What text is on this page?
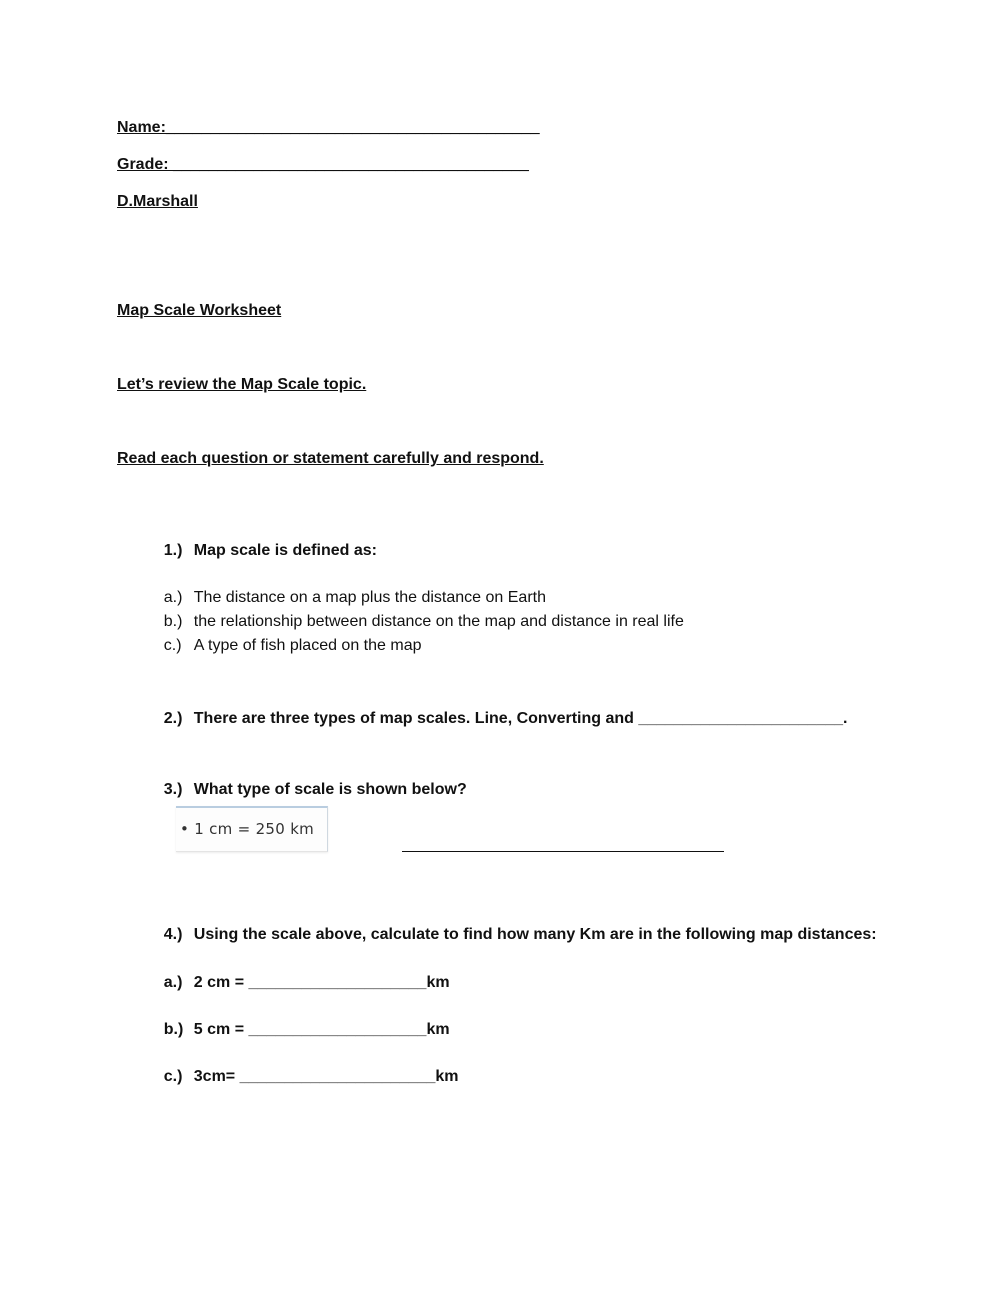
Name:__________________________________________
Grade: ________________________________________
D.Marshall
Map Scale Worksheet
Let’s review the Map Scale topic.
Read each question or statement carefully and respond.

1.) Map scale is defined as:

a.) The distance on a map plus the distance on Earth

b.) the relationship between distance on the map and distance in real life

c.) A type of fish placed on the map

2.) There are three types of map scales. Line, Converting and _______________________.

3.) What type of scale is shown below?

• 1 cm = 250 km

4.) Using the scale above, calculate to find how many Km are in the following map distances:

a.) 2 cm = ____________________km

b.) 5 cm = ____________________km

c.) 3cm= ______________________km
